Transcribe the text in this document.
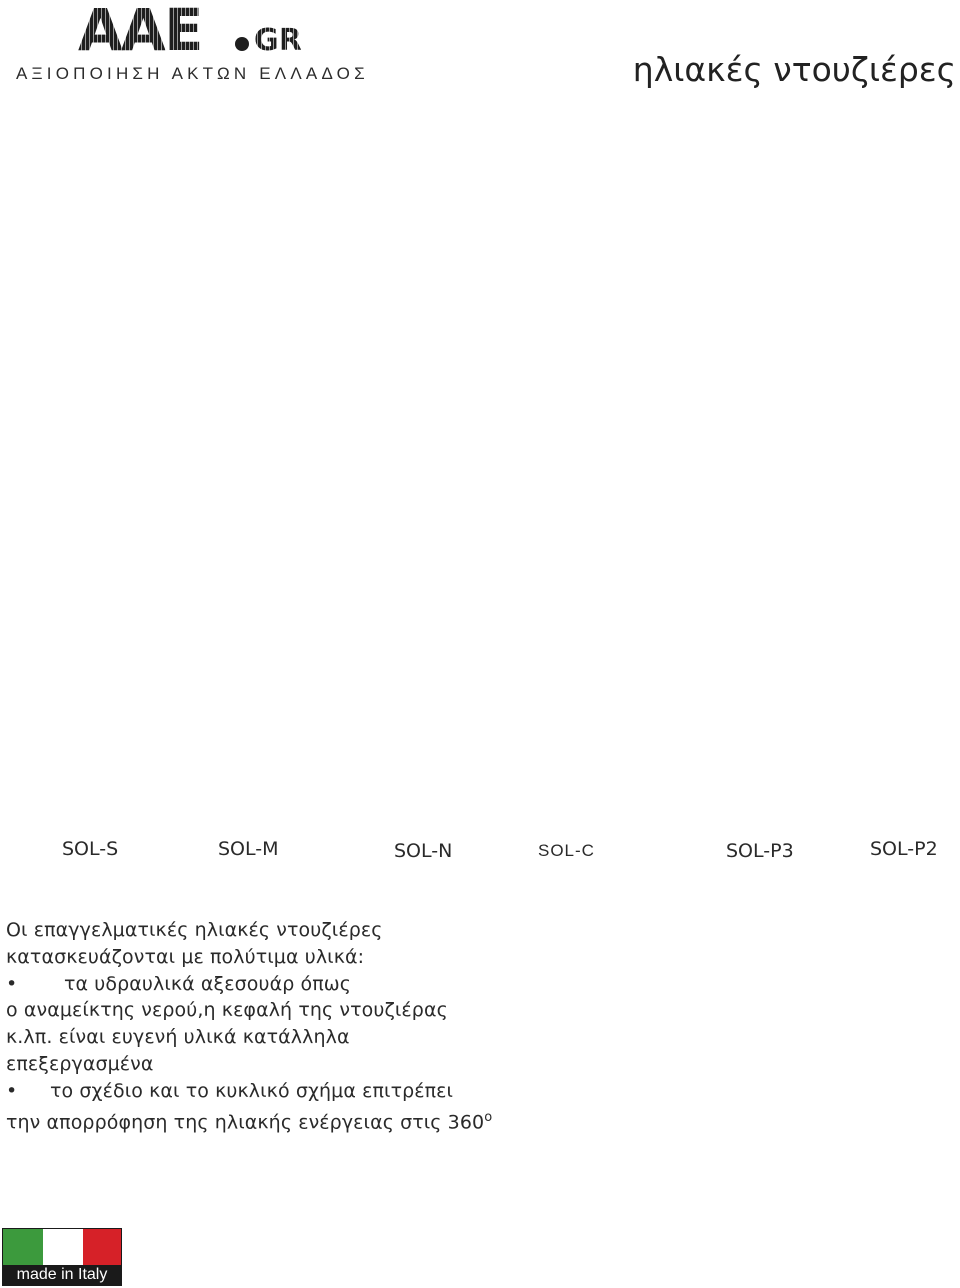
AAE GR
ΑΞΙΟΠΟΙΗΣΗ ΑΚΤΩΝ ΕΛΛΑΔΟΣ	ηλιακές ντουζιέρες
SOL-S	SOL-M	SOL-N	SOL-C	SOL-P3	SOL-P2
Οι επαγγελματικές ηλιακές ντουζιέρες
κατασκευάζονται με πολύτιμα υλικά:
• τα υδραυλικά αξεσουάρ όπως
ο αναμείκτης νερού,η κεφαλή της ντουζιέρας
κ.λπ. είναι ευγενή υλικά κατάλληλα
επεξεργασμένα
• το σχέδιο και το κυκλικό σχήμα επιτρέπει
την απορρόφηση της ηλιακής ενέργειας στις 360$^o$
made in Italy
